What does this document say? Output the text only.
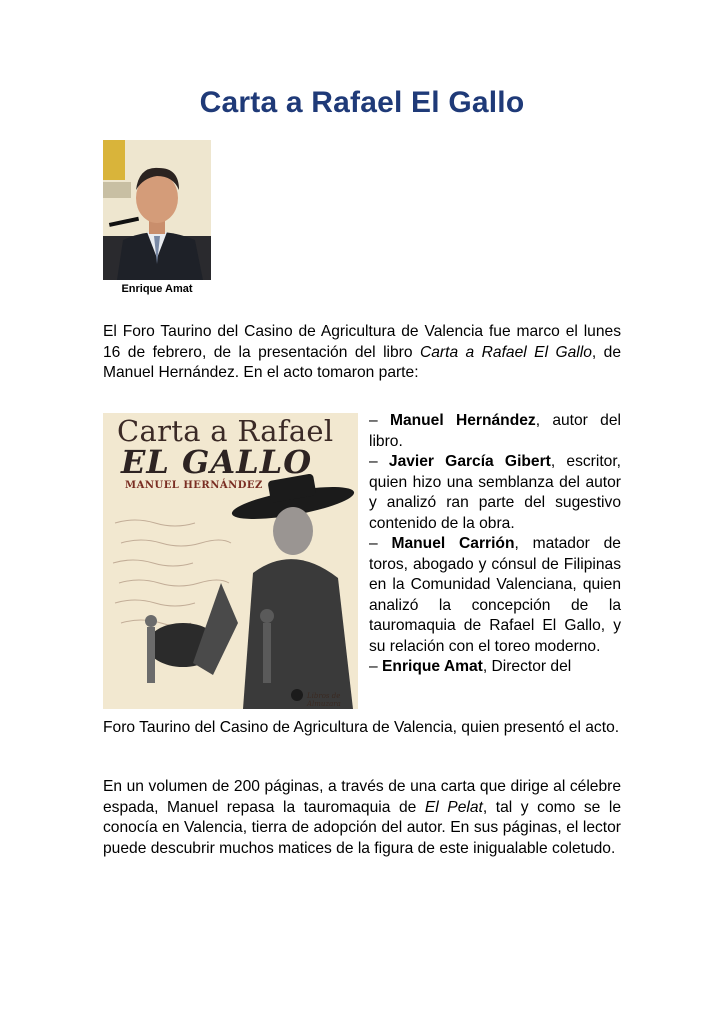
Carta a Rafael El Gallo
Enrique Amat

El Foro Taurino del Casino de Agricultura de Valencia fue marco el lunes 16 de febrero, de la presentación del libro Carta a Rafael El Gallo, de Manuel Hernández. En el acto tomaron parte:

Carta a Rafael
EL GALLO
MANUEL HERNÁNDEZ
Libros de Almuzara

– Manuel Hernández, autor del libro.

– Javier García Gibert, escritor, quien hizo una semblanza del autor y analizó ran parte del sugestivo contenido de la obra.

– Manuel Carrión, matador de toros, abogado y cónsul de Filipinas en la Comunidad Valenciana, quien analizó la concepción de la tauromaquia de Rafael El Gallo, y su relación con el toreo moderno.

– Enrique Amat, Director del

Foro Taurino del Casino de Agricultura de Valencia, quien presentó el acto.

En un volumen de 200 páginas, a través de una carta que dirige al célebre espada, Manuel repasa la tauromaquia de El Pelat, tal y como se le conocía en Valencia, tierra de adopción del autor. En sus páginas, el lector puede descubrir muchos matices de la figura de este inigualable coletudo.
